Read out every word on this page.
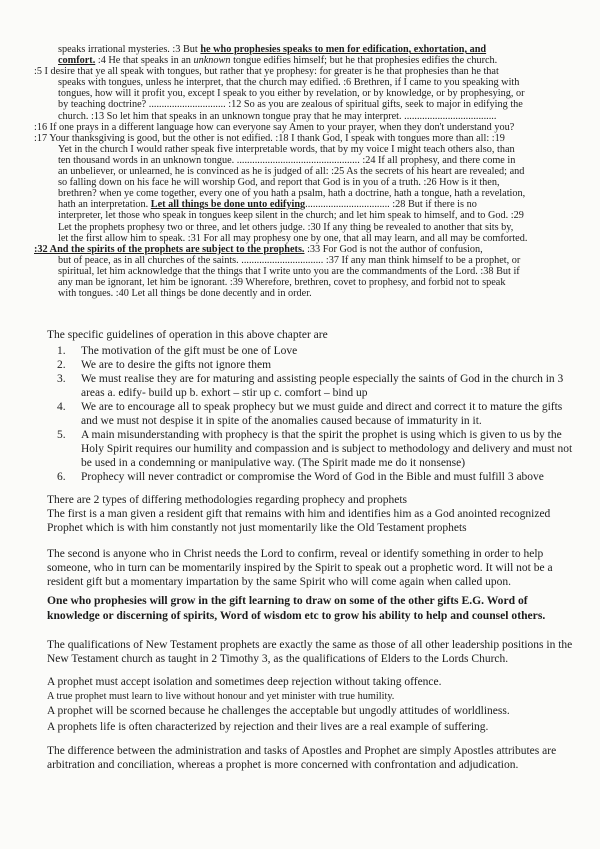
speaks irrational mysteries. :3 But he who prophesies speaks to men for edification, exhortation, and
comfort. :4 He that speaks in an unknown tongue edifies himself; but he that prophesies edifies the church.
:5 I desire that ye all speak with tongues, but rather that ye prophesy: for greater is he that prophesies than he that
speaks with tongues, unless he interpret, that the church may edified. :6 Brethren, if I came to you speaking with
tongues, how will it profit you, except I speak to you either by revelation, or by knowledge, or by prophesying, or
by teaching doctrine? .............................. :12 So as you are zealous of spiritual gifts, seek to major in edifying the
church. :13 So let him that speaks in an unknown tongue pray that he may interpret. ....................................
:16 If one prays in a different language how can everyone say Amen to your prayer, when they don't understand you?
:17 Your thanksgiving is good, but the other is not edified. :18 I thank God, I speak with tongues more than all: :19
Yet in the church I would rather speak five interpretable words, that by my voice I might teach others also, than
ten thousand words in an unknown tongue. ................................................ :24 If all prophesy, and there come in
an unbeliever, or unlearned, he is convinced as he is judged of all: :25 As the secrets of his heart are revealed; and
so falling down on his face he will worship God, and report that God is in you of a truth. :26 How is it then,
brethren? when ye come together, every one of you hath a psalm, hath a doctrine, hath a tongue, hath a revelation,
hath an interpretation. Let all things be done unto edifying................................. :28 But if there is no
interpreter, let those who speak in tongues keep silent in the church; and let him speak to himself, and to God. :29
Let the prophets prophesy two or three, and let others judge. :30 If any thing be revealed to another that sits by,
let the first allow him to speak. :31 For all may prophesy one by one, that all may learn, and all may be comforted.
:32 And the spirits of the prophets are subject to the prophets. :33 For God is not the author of confusion,
but of peace, as in all churches of the saints. ................................ :37 If any man think himself to be a prophet, or
spiritual, let him acknowledge that the things that I write unto you are the commandments of the Lord. :38 But if
any man be ignorant, let him be ignorant. :39 Wherefore, brethren, covet to prophesy, and forbid not to speak
with tongues. :40 Let all things be done decently and in order.
The specific guidelines of operation in this above chapter are
1. The motivation of the gift must be one of Love
2. We are to desire the gifts not ignore them
3. We must realise they are for maturing and assisting people especially the saints of God in the church in 3 areas a. edify- build up b. exhort – stir up c. comfort – bind up
4. We are to encourage all to speak prophecy but we must guide and direct and correct it to mature the gifts and we must not despise it in spite of the anomalies caused because of immaturity in it.
5. A main misunderstanding with prophecy is that the spirit the prophet is using which is given to us by the Holy Spirit requires our humility and compassion and is subject to methodology and delivery and must not be used in a condemning or manipulative way. (The Spirit made me do it nonsense)
6. Prophecy will never contradict or compromise the Word of God in the Bible and must fulfill 3 above
There are 2 types of differing methodologies regarding prophecy and prophets
The first is a man given a resident gift that remains with him and identifies him as a God anointed recognized Prophet which is with him constantly not just momentarily like the Old Testament prophets
The second is anyone who in Christ needs the Lord to confirm, reveal or identify something in order to help someone, who in turn can be momentarily inspired by the Spirit to speak out a prophetic word. It will not be a resident gift but a momentary impartation by the same Spirit who will come again when called upon.
One who prophesies will grow in the gift learning to draw on some of the other gifts E.G. Word of knowledge or discerning of spirits, Word of wisdom etc to grow his ability to help and counsel others.
The qualifications of New Testament prophets are exactly the same as those of all other leadership positions in the New Testament church as taught in 2 Timothy 3, as the qualifications of Elders to the Lords Church.
A prophet must accept isolation and sometimes deep rejection without taking offence.
A true prophet must learn to live without honour and yet minister with true humility.
A prophet will be scorned because he challenges the acceptable but ungodly attitudes of worldliness.
A prophets life is often characterized by rejection and their lives are a real example of suffering.
The difference between the administration and tasks of Apostles and Prophet are simply Apostles attributes are arbitration and conciliation, whereas a prophet is more concerned with confrontation and adjudication.
